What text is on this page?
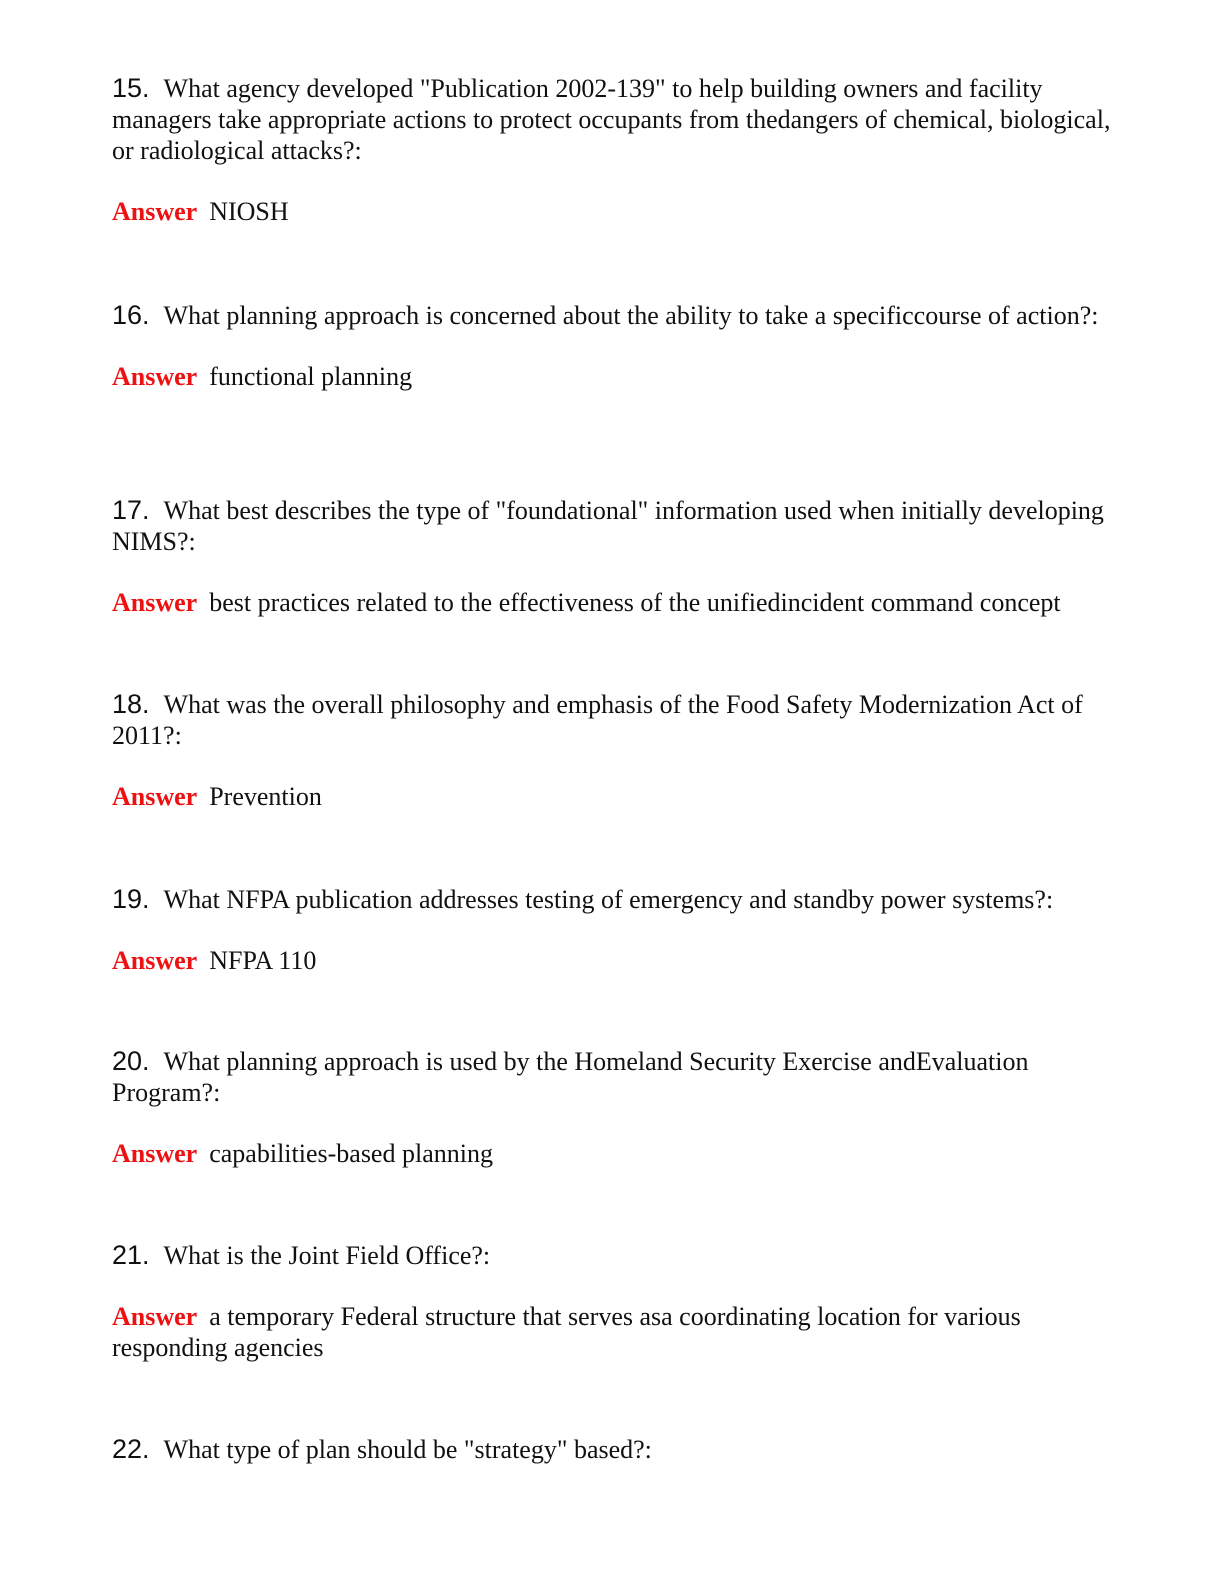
15. What agency developed "Publication 2002-139" to help building owners and facility managers take appropriate actions to protect occupants from thedangers of chemical, biological, or radiological attacks?:

Answer NIOSH

16. What planning approach is concerned about the ability to take a specificcourse of action?:

Answer functional planning

17. What best describes the type of "foundational" information used when initially developing NIMS?:

Answer best practices related to the effectiveness of the unifiedincident command concept

18. What was the overall philosophy and emphasis of the Food Safety Modernization Act of 2011?:

Answer Prevention

19. What NFPA publication addresses testing of emergency and standby power systems?:

Answer NFPA 110

20. What planning approach is used by the Homeland Security Exercise andEvaluation Program?:

Answer capabilities-based planning

21. What is the Joint Field Office?:

Answer a temporary Federal structure that serves asa coordinating location for various responding agencies

22. What type of plan should be "strategy" based?:
